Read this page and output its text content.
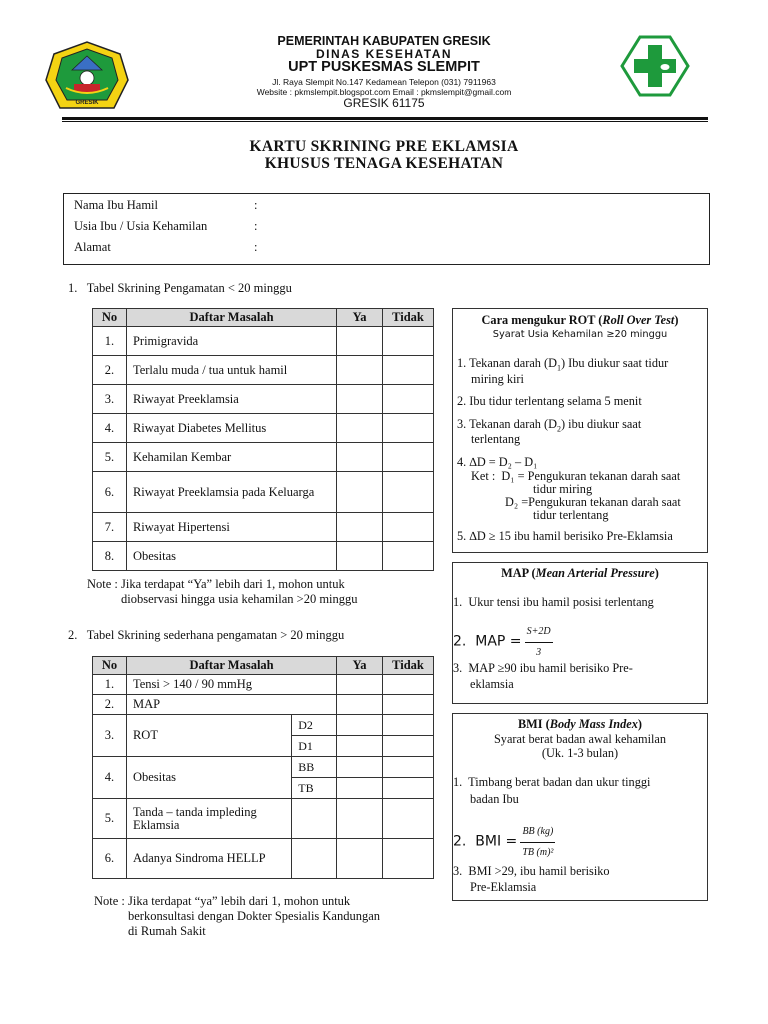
GRESIK
PEMERINTAH KABUPATEN GRESIK
DINAS KESEHATAN
UPT PUSKESMAS SLEMPIT
Jl. Raya Slempit No.147 Kedamean Telepon (031) 7911963
Website : pkmslempit.blogspot.com Email : pkmslempit@gmail.com
GRESIK 61175
KARTU SKRINING PRE EKLAMSIA
KHUSUS TENAGA KESEHATAN
Nama Ibu Hamil	:
Usia Ibu / Usia Kehamilan	:
Alamat	:
1.   Tabel Skrining Pengamatan < 20 minggu
No	Daftar Masalah	Ya	Tidak
1.	Primigravida		
2.	Terlalu muda / tua untuk hamil		
3.	Riwayat Preeklamsia		
4.	Riwayat Diabetes Mellitus		
5.	Kehamilan Kembar		
6.	Riwayat Preeklamsia pada Keluarga		
7.	Riwayat Hipertensi		
8.	Obesitas		
Note : Jika terdapat “Ya” lebih dari 1, mohon untuk
diobservasi hingga usia kehamilan >20 minggu
2.   Tabel Skrining sederhana pengamatan > 20 minggu
No	Daftar Masalah		Ya	Tidak
1.	Tensi > 140 / 90 mmHg			
2.	MAP			
3.	ROT	D2		
		D1		
4.	Obesitas	BB		
		TB		
5.	Tanda – tanda impleding Eklamsia			
6.	Adanya Sindroma HELLP			
Note : Jika terdapat “ya” lebih dari 1, mohon untuk
berkonsultasi dengan Dokter Spesialis Kandungan
di Rumah Sakit
Cara mengukur ROT (Roll Over Test)
Syarat Usia Kehamilan ≥20 minggu
1. Tekanan darah $(D_1)$ Ibu diukur saat tidur
miring kiri
2. Ibu tidur terlentang selama 5 menit
3. Tekanan darah $(D_2)$ ibu diukur saat
terlentang
4. ∆D = D₂ – D₁
Ket :  D₁ = Pengukuran tekanan darah saat
tidur miring
D₂ =Pengukuran tekanan darah saat
tidur terlentang
5. ∆D ≥ 15 ibu hamil berisiko Pre-Eklamsia
MAP (Mean Arterial Pressure)
1.  Ukur tensi ibu hamil posisi terlentang
2.  MAP = $\frac{S+2D}{3}$
3.  MAP ≥90 ibu hamil berisiko Pre-
eklamsia
BMI (Body Mass Index)
Syarat berat badan awal kehamilan
(Uk. 1-3 bulan)
1.  Timbang berat badan dan ukur tinggi
badan Ibu
2.  BMI = $\frac{BB (kg)}{\text{TB (m)²}}$
3.  BMI >29, ibu hamil berisiko
Pre-Eklamsia
